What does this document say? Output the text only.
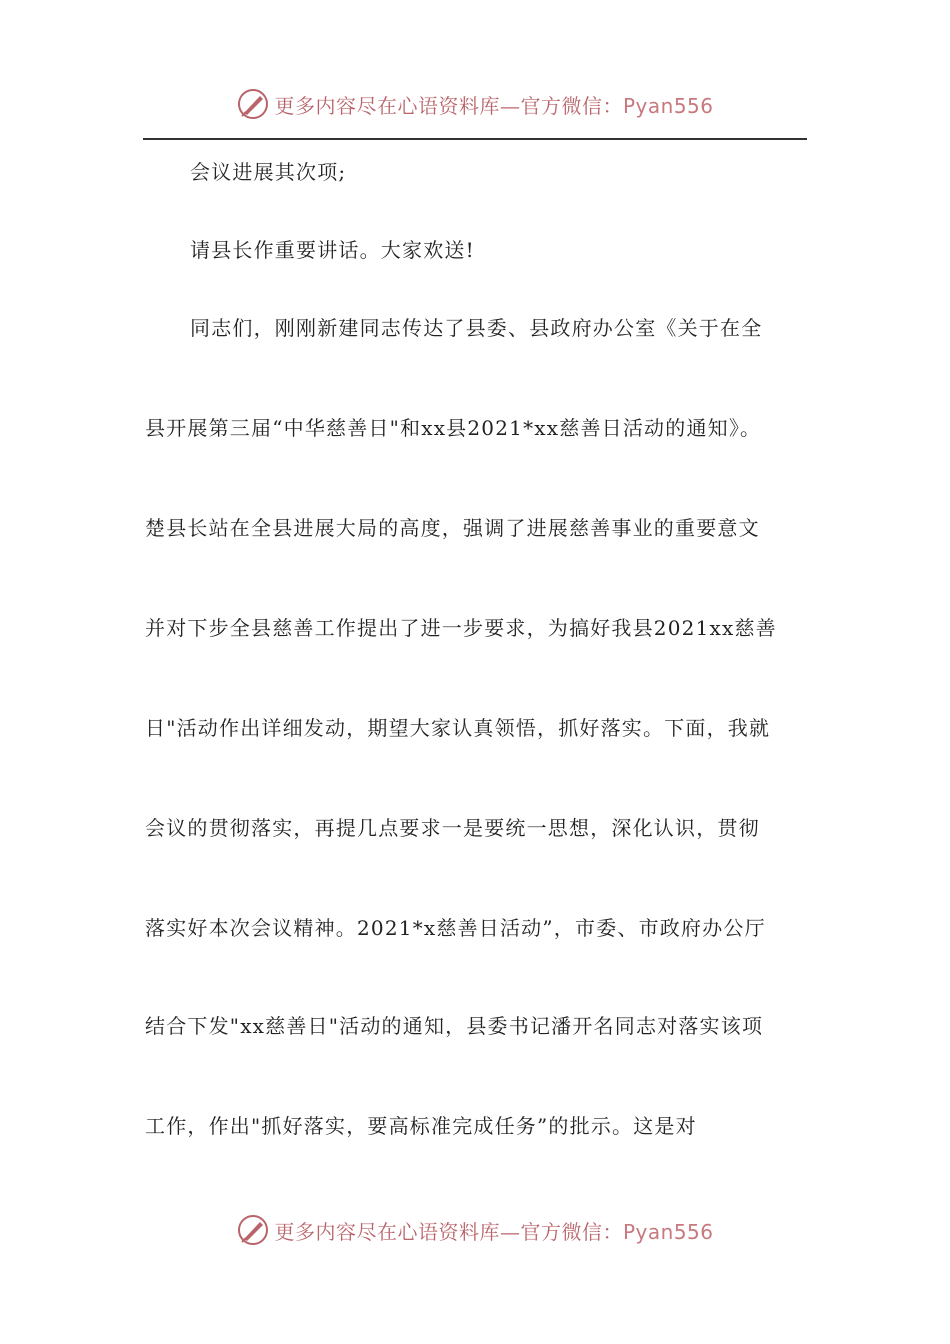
更多内容尽在心语资料库—官方微信：Pyan556
会议进展其次项;
请县长作重要讲话。大家欢送!
同志们，刚刚新建同志传达了县委、县政府办公室《关于在全
县开展第三届“中华慈善日"和xx县2021*xx慈善日活动的通知》。
楚县长站在全县进展大局的高度，强调了进展慈善事业的重要意文
并对下步全县慈善工作提出了进一步要求，为搞好我县2021xx慈善
日"活动作出详细发动，期望大家认真领悟，抓好落实。下面，我就
会议的贯彻落实，再提几点要求一是要统一思想，深化认识，贯彻
落实好本次会议精神。2021*x慈善日活动”，市委、市政府办公厅
结合下发"xx慈善日"活动的通知，县委书记潘开名同志对落实该项
工作，作出"抓好落实，要高标准完成任务”的批示。这是对
更多内容尽在心语资料库—官方微信：Pyan556
